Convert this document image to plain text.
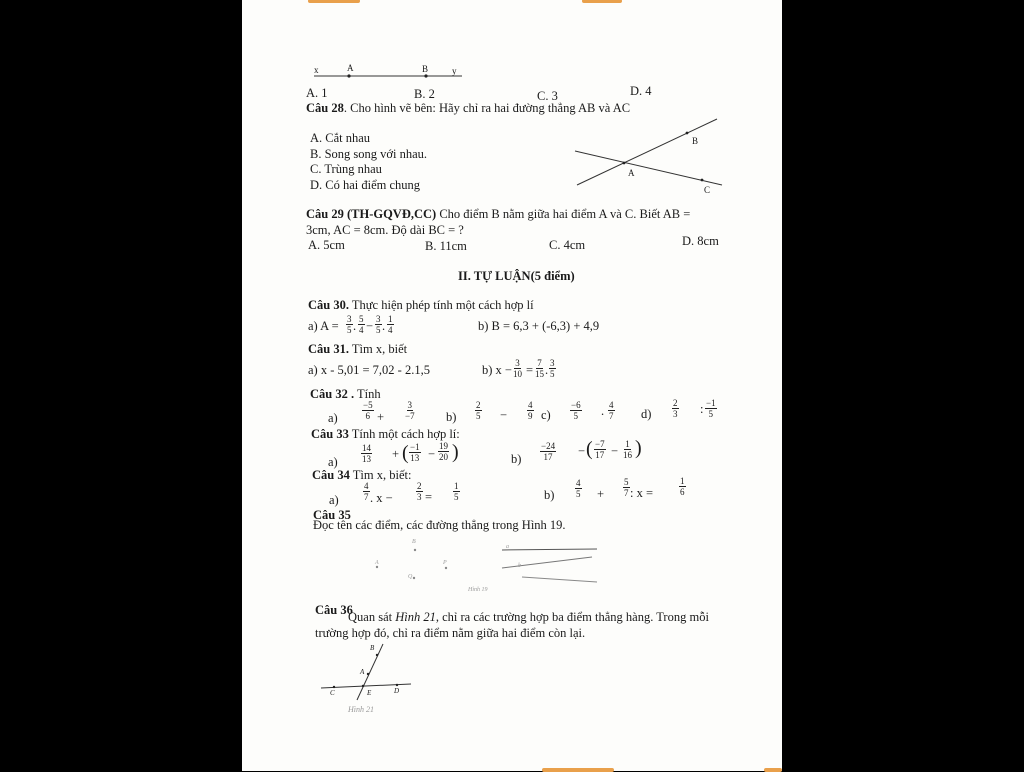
x	A	B	y
A. 1	B. 2	C. 3	D. 4
Câu 28. Cho hình vẽ bên: Hãy chỉ ra hai đường thẳng AB và AC
A. Cắt nhau
B. Song song với nhau.
C. Trùng nhau
D. Có hai điểm chung
B
A
C
Câu 29 (TH-GQVĐ,CC) Cho điểm B nằm giữa hai điểm A và C. Biết AB =
3cm, AC = 8cm. Độ dài BC = ?
A. 5cm	B. 11cm	C. 4cm	D. 8cm
II. TỰ LUẬN(5 điểm)
Câu 30. Thực hiện phép tính một cách hợp lí
a) A = 3
5 . 5
4 − 3
5 . 1
4	b) B = 6,3 + (-6,3) + 4,9
Câu 31. Tìm x, biết
a) x - 5,01 = 7,02 - 2.1,5	b) x − 3
10 = 7
15 . 3
5
Câu 32 . Tính
a)
−5
6 +
3
−7	b)
2
5 −
4
9 c)
−6
5 . 4
7 d)
2
3 : −1
5
Câu 33 Tính một cách hợp lí:
a)
14
13 + ( −1
13 −
19
20 )	b)
−24
17 − ( −7
17 − 1
16 )
Câu 34 Tìm x, biết:
a)
4
7 . x −
2
3 =
1
5	b)
4
5 +
5
7 : x =
1
6
Câu 35
Đọc tên các điểm, các đường thẳng trong Hình 19.
B
A	P
Q
a
b
Hình 19
Câu 36
Quan sát Hình 21, chỉ ra các trường hợp ba điểm thẳng hàng. Trong mỗi
trường hợp đó, chỉ ra điểm nằm giữa hai điểm còn lại.
B
A
C	E	D
Hình 21
